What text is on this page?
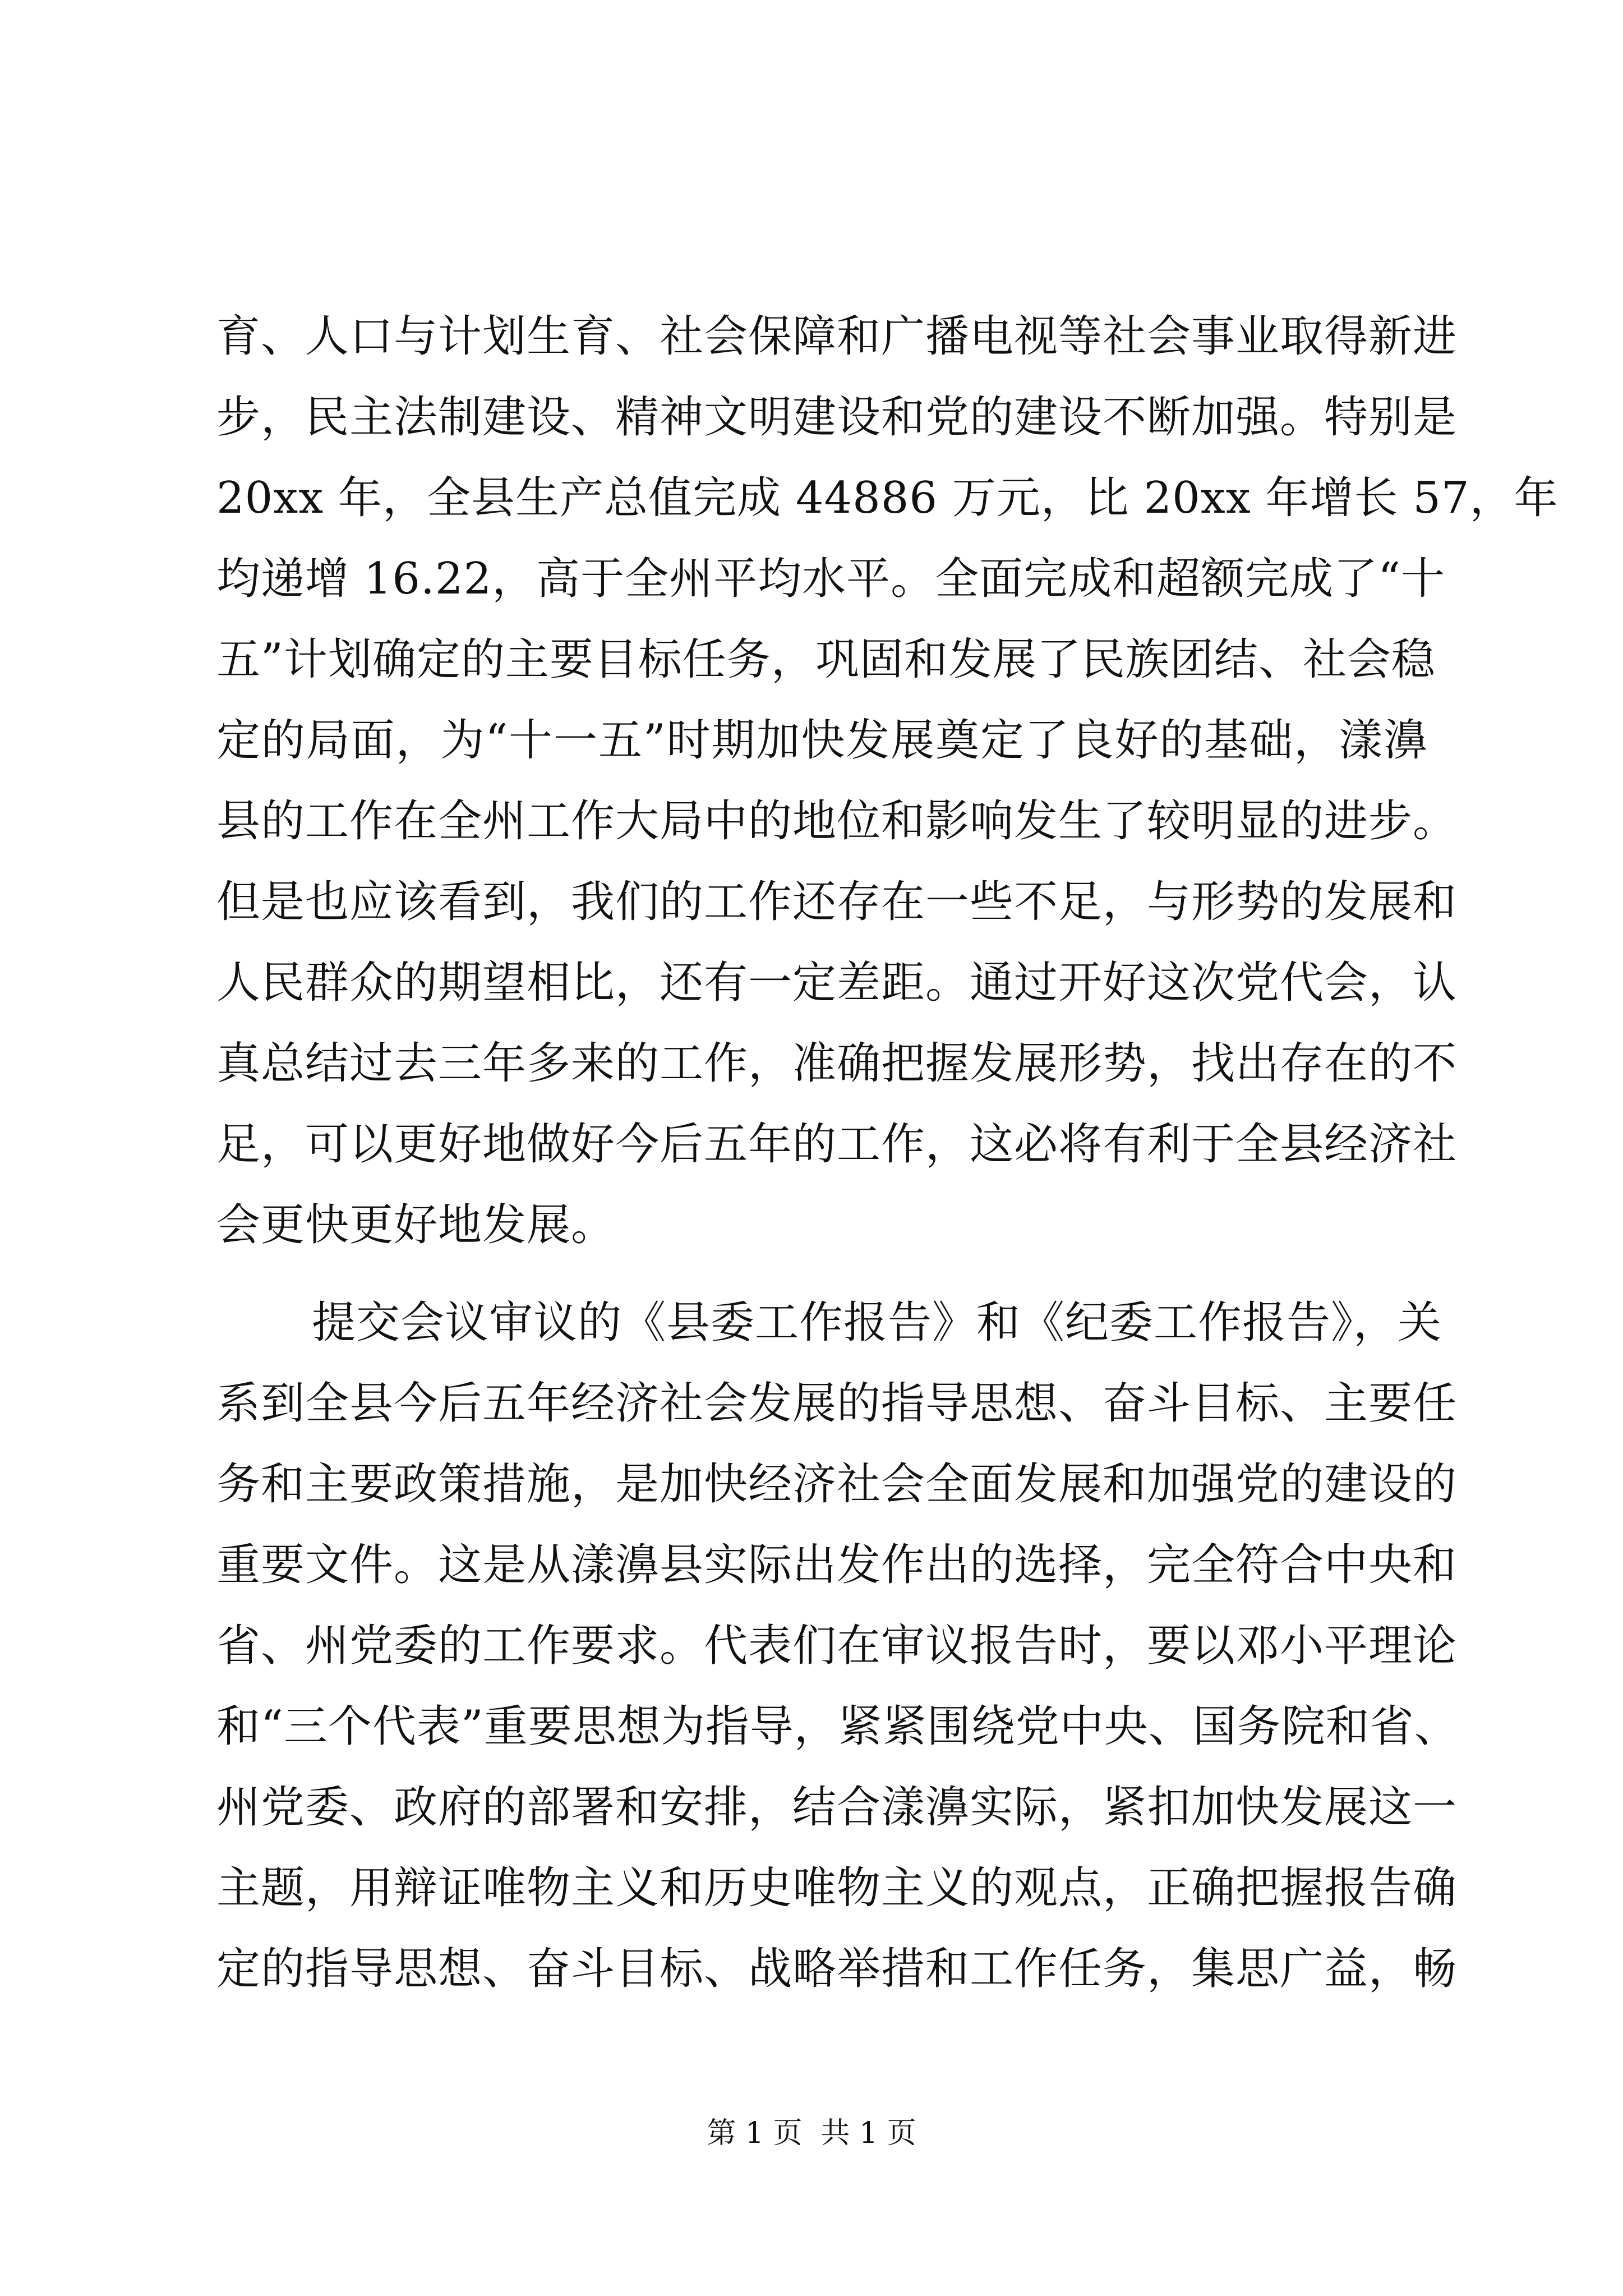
育、人口与计划生育、社会保障和广播电视等社会事业取得新进
步，民主法制建设、精神文明建设和党的建设不断加强。特别是
20xx 年，全县生产总值完成 44886 万元，比 20xx 年增长 57，年
均递增 16.22，高于全州平均水平。全面完成和超额完成了“十
五”计划确定的主要目标任务，巩固和发展了民族团结、社会稳
定的局面，为“十一五”时期加快发展奠定了良好的基础，漾濞
县的工作在全州工作大局中的地位和影响发生了较明显的进步。
但是也应该看到，我们的工作还存在一些不足，与形势的发展和
人民群众的期望相比，还有一定差距。通过开好这次党代会，认
真总结过去三年多来的工作，准确把握发展形势，找出存在的不
足，可以更好地做好今后五年的工作，这必将有利于全县经济社
会更快更好地发展。
提交会议审议的《县委工作报告》和《纪委工作报告》，关
系到全县今后五年经济社会发展的指导思想、奋斗目标、主要任
务和主要政策措施，是加快经济社会全面发展和加强党的建设的
重要文件。这是从漾濞县实际出发作出的选择，完全符合中央和
省、州党委的工作要求。代表们在审议报告时，要以邓小平理论
和“三个代表”重要思想为指导，紧紧围绕党中央、国务院和省、
州党委、政府的部署和安排，结合漾濞实际，紧扣加快发展这一
主题，用辩证唯物主义和历史唯物主义的观点，正确把握报告确
定的指导思想、奋斗目标、战略举措和工作任务，集思广益，畅
第 1 页  共 1 页
